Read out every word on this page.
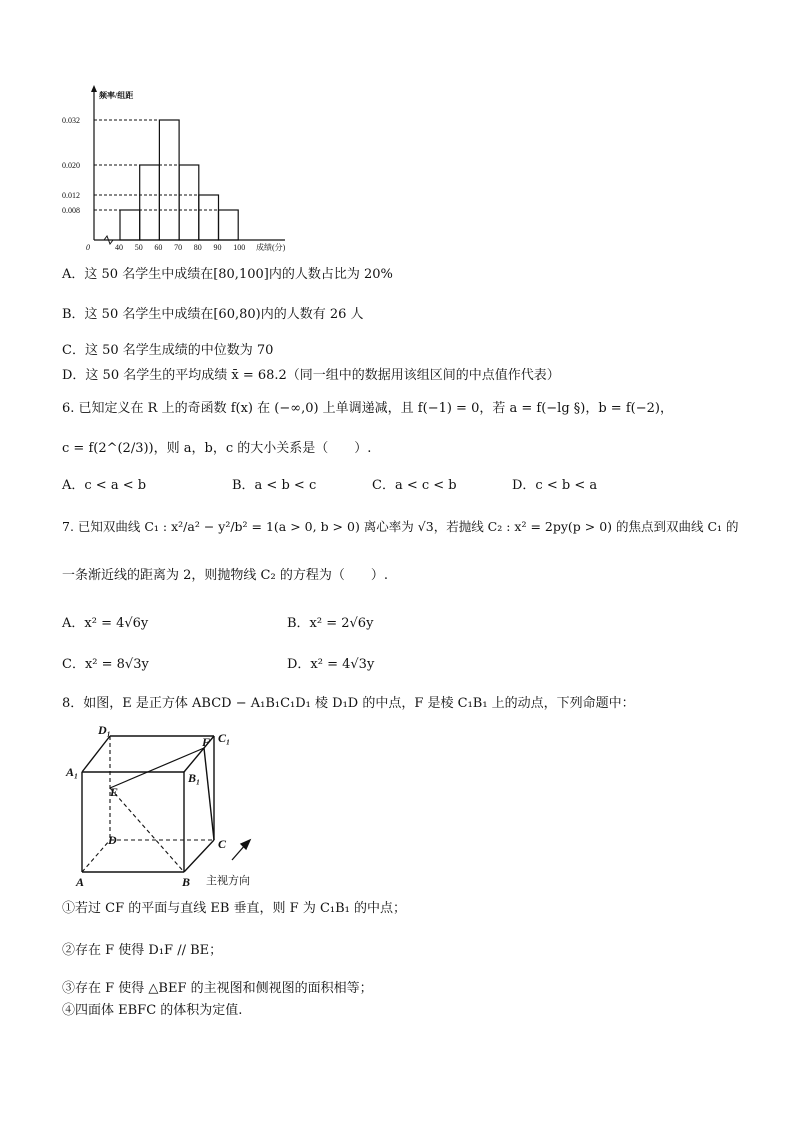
0.032
0.020
0.012
0.008
40 50 60 70 80 90 100
0
频率/组距
成绩(分)
A．这 50 名学生中成绩在[80,100]内的人数占比为 20%
B．这 50 名学生中成绩在[60,80)内的人数有 26 人
C．这 50 名学生成绩的中位数为 70
D．这 50 名学生的平均成绩 x̄ = 68.2（同一组中的数据用该组区间的中点值作代表）
6. 已知定义在 R 上的奇函数 f(x) 在 (−∞,0) 上单调递减，且 f(−1) = 0，若 a = f(−lg §)，b = f(−2)，
c = f(2^(2/3))，则 a，b，c 的大小关系是（　　）.
A．c < a < b	B．a < b < c	C．a < c < b	D．c < b < a
7. 已知双曲线 C₁ : x²/a² − y²/b² = 1(a > 0, b > 0) 离心率为 √3，若抛线 C₂ : x² = 2py(p > 0) 的焦点到双曲线 C₁ 的
一条渐近线的距离为 2，则抛物线 C₂ 的方程为（　　）.
A．x² = 4√6y	B．x² = 2√6y
C．x² = 8√3y	D．x² = 4√3y
8．如图，E 是正方体 ABCD − A₁B₁C₁D₁ 棱 D₁D 的中点，F 是棱 C₁B₁ 上的动点，下列命题中：
D₁
F C₁
A₁	B₁
E
D	C
A	B 主视方向
①若过 CF 的平面与直线 EB 垂直，则 F 为 C₁B₁ 的中点；
②存在 F 使得 D₁F // BE；
③存在 F 使得 △BEF 的主视图和侧视图的面积相等；
④四面体 EBFC 的体积为定值.
